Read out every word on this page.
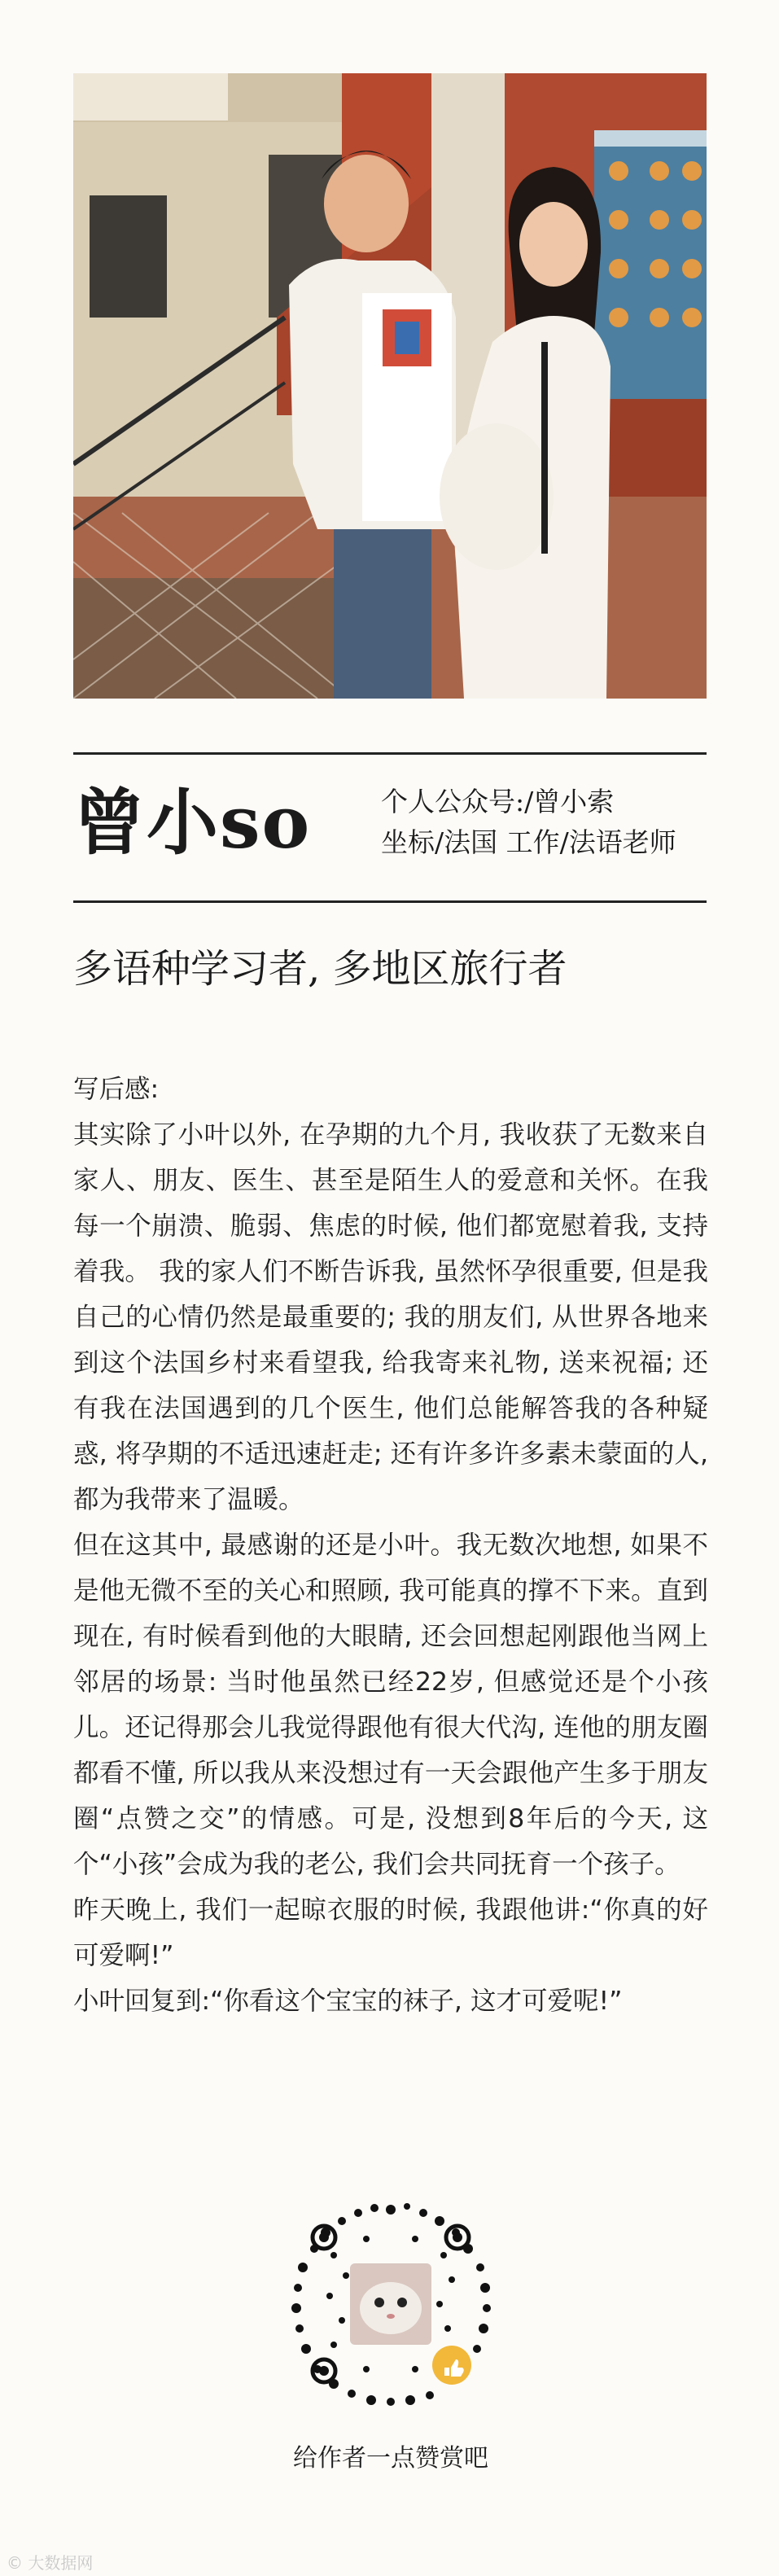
曾小so	个人公众号:/曾小索
坐标/法国 工作/法语老师
多语种学习者, 多地区旅行者

写后感:

其实除了小叶以外, 在孕期的九个月, 我收获了无数来自家人、朋友、医生、甚至是陌生人的爱意和关怀。在我每一个崩溃、脆弱、焦虑的时候, 他们都宽慰着我, 支持着我。 我的家人们不断告诉我, 虽然怀孕很重要, 但是我自己的心情仍然是最重要的; 我的朋友们, 从世界各地来到这个法国乡村来看望我, 给我寄来礼物, 送来祝福; 还有我在法国遇到的几个医生, 他们总能解答我的各种疑惑, 将孕期的不适迅速赶走; 还有许多许多素未蒙面的人, 都为我带来了温暖。

但在这其中, 最感谢的还是小叶。我无数次地想, 如果不是他无微不至的关心和照顾, 我可能真的撑不下来。直到现在, 有时候看到他的大眼睛, 还会回想起刚跟他当网上邻居的场景: 当时他虽然已经22岁, 但感觉还是个小孩儿。还记得那会儿我觉得跟他有很大代沟, 连他的朋友圈都看不懂, 所以我从来没想过有一天会跟他产生多于朋友圈“点赞之交”的情感。可是, 没想到8年后的今天, 这个“小孩”会成为我的老公, 我们会共同抚育一个孩子。

昨天晚上, 我们一起晾衣服的时候, 我跟他讲:“你真的好可爱啊!”

小叶回复到:“你看这个宝宝的袜子, 这才可爱呢!”

给作者一点赞赏吧
© 大数据网
